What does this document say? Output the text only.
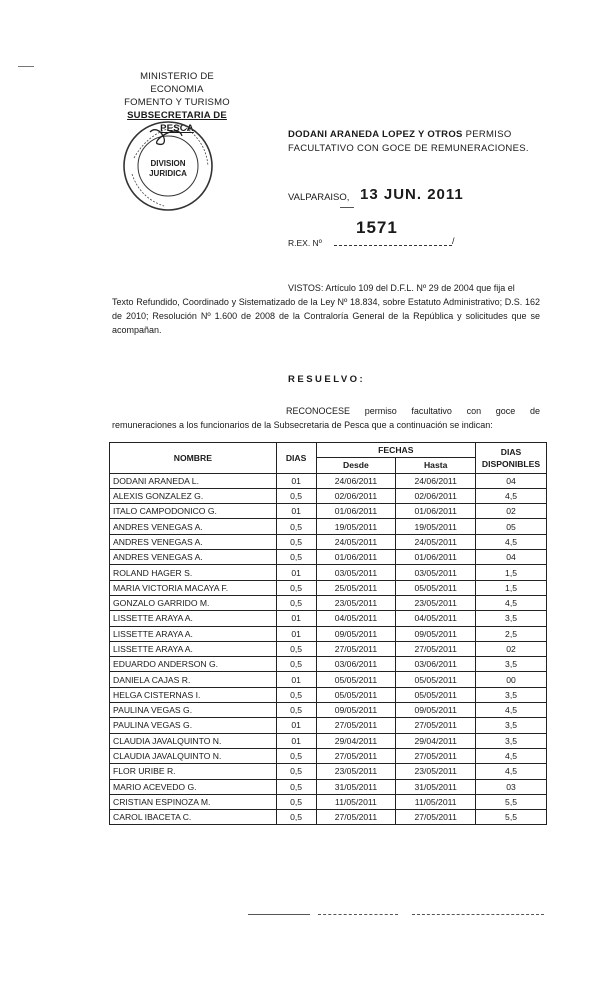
MINISTERIO DE ECONOMIA
FOMENTO Y TURISMO
SUBSECRETARIA DE PESCA
DIVISION
JURIDICA
DODANI ARANEDA LOPEZ Y OTROS PERMISO FACULTATIVO CON GOCE DE REMUNERACIONES.
VALPARAISO, 13 JUN. 2011
1571
R.EX. Nº	/

VISTOS: Artículo 109 del D.F.L. Nº 29 de 2004 que fija el

Texto Refundido, Coordinado y Sistematizado de la Ley Nº 18.834, sobre Estatuto Administrativo; D.S. 162 de 2010; Resolución Nº 1.600 de 2008 de la Contraloría General de la República y solicitudes que se acompañan.
RESUELVO:
RECONOCESE permiso facultativo con goce de remuneraciones a los funcionarios de la Subsecretaria de Pesca que a continuación se indican:
NOMBRE	DIAS	FECHAS		DIAS
DISPONIBLES

		Desde	Hasta	
DODANI ARANEDA L.	01	24/06/2011	24/06/2011	04
ALEXIS GONZALEZ G.	0,5	02/06/2011	02/06/2011	4,5
ITALO CAMPODONICO G.	01	01/06/2011	01/06/2011	02
ANDRES VENEGAS A.	0,5	19/05/2011	19/05/2011	05
ANDRES VENEGAS A.	0,5	24/05/2011	24/05/2011	4,5
ANDRES VENEGAS A.	0,5	01/06/2011	01/06/2011	04
ROLAND HAGER S.	01	03/05/2011	03/05/2011	1,5
MARIA VICTORIA MACAYA F.	0,5	25/05/2011	05/05/2011	1,5
GONZALO GARRIDO M.	0,5	23/05/2011	23/05/2011	4,5
LISSETTE ARAYA A.	01	04/05/2011	04/05/2011	3,5
LISSETTE ARAYA A.	01	09/05/2011	09/05/2011	2,5
LISSETTE ARAYA A.	0,5	27/05/2011	27/05/2011	02
EDUARDO ANDERSON G.	0,5	03/06/2011	03/06/2011	3,5
DANIELA CAJAS R.	01	05/05/2011	05/05/2011	00
HELGA CISTERNAS I.	0,5	05/05/2011	05/05/2011	3,5
PAULINA VEGAS G.	0,5	09/05/2011	09/05/2011	4,5
PAULINA VEGAS G.	01	27/05/2011	27/05/2011	3,5
CLAUDIA JAVALQUINTO N.	01	29/04/2011	29/04/2011	3,5
CLAUDIA JAVALQUINTO N.	0,5	27/05/2011	27/05/2011	4,5
FLOR URIBE R.	0,5	23/05/2011	23/05/2011	4,5
MARIO ACEVEDO G.	0,5	31/05/2011	31/05/2011	03
CRISTIAN ESPINOZA M.	0,5	11/05/2011	11/05/2011	5,5
CAROL IBACETA C.	0,5	27/05/2011	27/05/2011	5,5
